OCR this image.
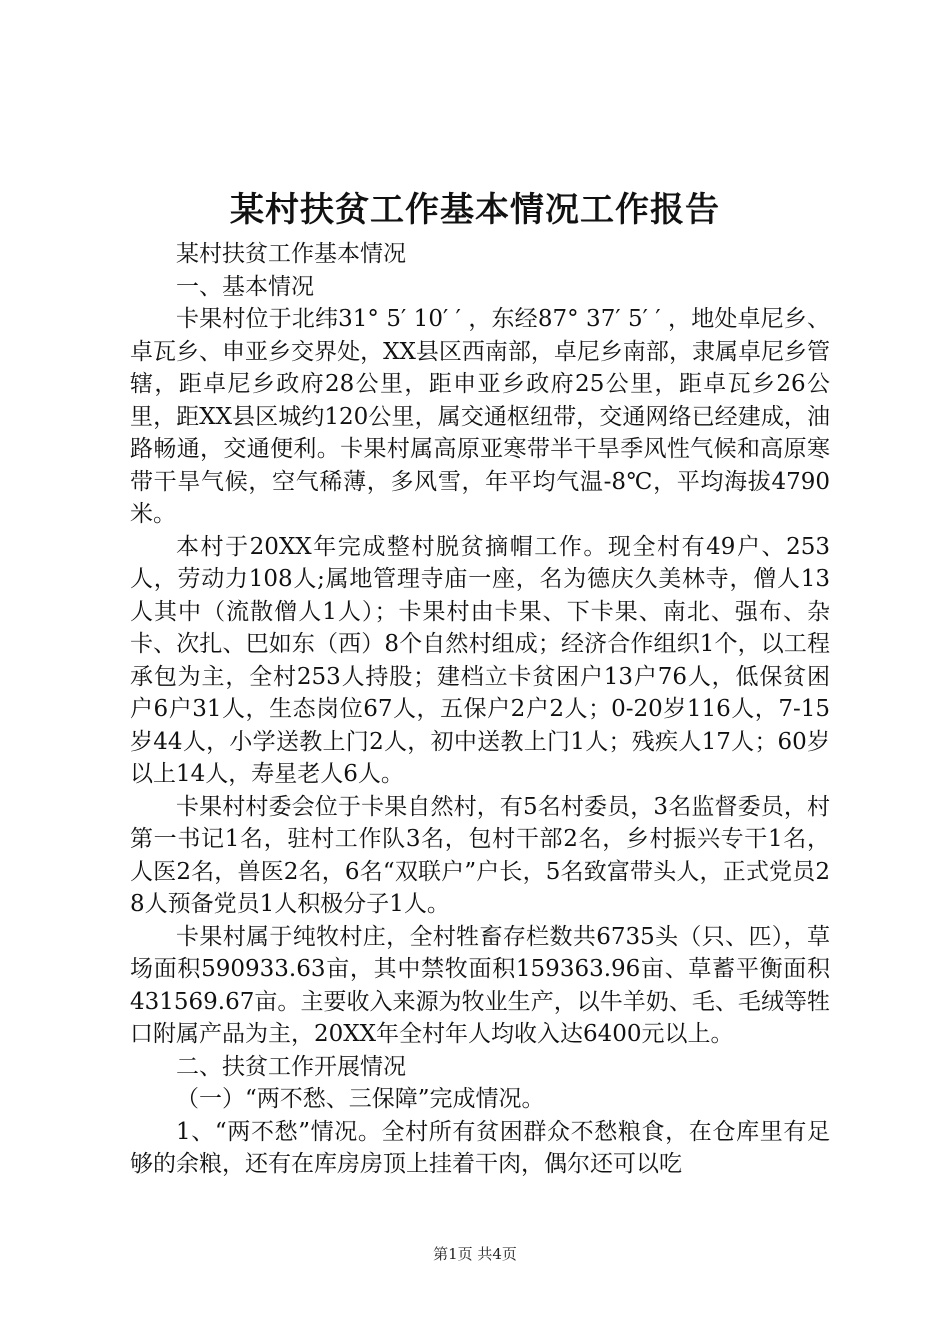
某村扶贫工作基本情况工作报告

某村扶贫工作基本情况

一、基本情况

卡果村位于北纬31° 5′ 10′ ′ ，东经87° 37′ 5′ ′ ，地处卓尼乡、卓瓦乡、申亚乡交界处，XX县区西南部，卓尼乡南部，隶属卓尼乡管辖，距卓尼乡政府28公里，距申亚乡政府25公里，距卓瓦乡26公里，距XX县区城约120公里，属交通枢纽带，交通网络已经建成，油路畅通，交通便利。卡果村属高原亚寒带半干旱季风性气候和高原寒带干旱气候，空气稀薄，多风雪，年平均气温-8℃，平均海拔4790米。

本村于20XX年完成整村脱贫摘帽工作。现全村有49户、253人，劳动力108人;属地管理寺庙一座，名为德庆久美林寺，僧人13人其中（流散僧人1人）；卡果村由卡果、下卡果、南北、强布、杂卡、次扎、巴如东（西）8个自然村组成；经济合作组织1个，以工程承包为主，全村253人持股；建档立卡贫困户13户76人，低保贫困户6户31人，生态岗位67人，五保户2户2人；0-20岁116人，7-15岁44人，小学送教上门2人，初中送教上门1人；残疾人17人；60岁以上14人，寿星老人6人。

卡果村村委会位于卡果自然村，有5名村委员，3名监督委员，村第一书记1名，驻村工作队3名，包村干部2名，乡村振兴专干1名，人医2名，兽医2名，6名“双联户”户长，5名致富带头人，正式党员28人预备党员1人积极分子1人。

卡果村属于纯牧村庄，全村牲畜存栏数共6735头（只、匹），草场面积590933.63亩，其中禁牧面积159363.96亩、草蓄平衡面积431569.67亩。主要收入来源为牧业生产，以牛羊奶、毛、毛绒等牲口附属产品为主，20XX年全村年人均收入达6400元以上。

二、扶贫工作开展情况

（一）“两不愁、三保障”完成情况。

1、“两不愁”情况。全村所有贫困群众不愁粮食，在仓库里有足够的余粮，还有在库房房顶上挂着干肉，偶尔还可以吃

第1页 共4页
